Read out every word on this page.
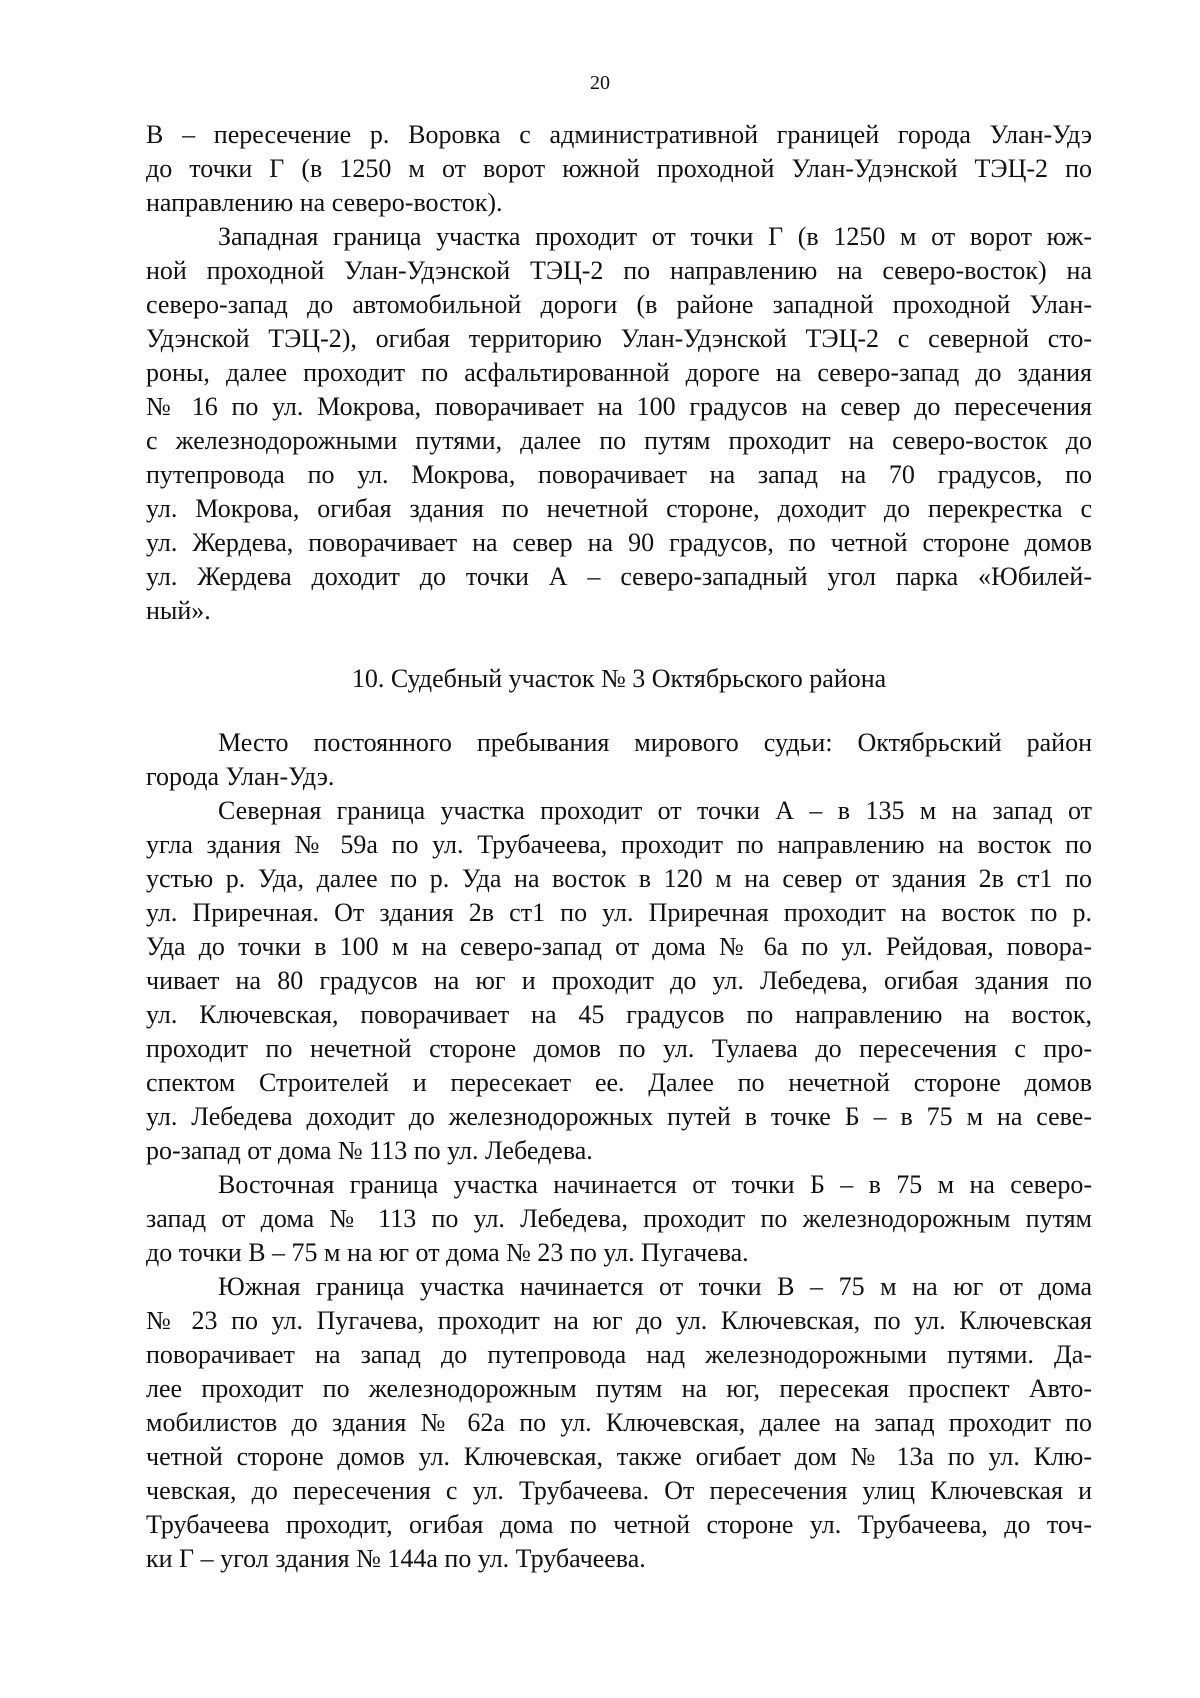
20

В – пересечение р. Воровка с административной границей города Улан-Удэ
до точки Г (в 1250 м от ворот южной проходной Улан-Удэнской ТЭЦ-2 по
направлению на северо-восток).

Западная граница участка проходит от точки Г (в 1250 м от ворот юж-
ной проходной Улан-Удэнской ТЭЦ-2 по направлению на северо-восток) на
северо-запад до автомобильной дороги (в районе западной проходной Улан-
Удэнской ТЭЦ-2), огибая территорию Улан-Удэнской ТЭЦ-2 с северной сто-
роны, далее проходит по асфальтированной дороге на северо-запад до здания
№ 16 по ул. Мокрова, поворачивает на 100 градусов на север до пересечения
с железнодорожными путями, далее по путям проходит на северо-восток до
путепровода по ул. Мокрова, поворачивает на запад на 70 градусов, по
ул. Мокрова, огибая здания по нечетной стороне, доходит до перекрестка с
ул. Жердева, поворачивает на север на 90 градусов, по четной стороне домов
ул. Жердева доходит до точки А – северо-западный угол парка «Юбилей-
ный».

10. Судебный участок № 3 Октябрьского района

Место постоянного пребывания мирового судьи: Октябрьский район
города Улан-Удэ.

Северная граница участка проходит от точки А – в 135 м на запад от
угла здания № 59а по ул. Трубачеева, проходит по направлению на восток по
устью р. Уда, далее по р. Уда на восток в 120 м на север от здания 2в ст1 по
ул. Приречная. От здания 2в ст1 по ул. Приречная проходит на восток по р.
Уда до точки в 100 м на северо-запад от дома № 6а по ул. Рейдовая, повора-
чивает на 80 градусов на юг и проходит до ул. Лебедева, огибая здания по
ул. Ключевская, поворачивает на 45 градусов по направлению на восток,
проходит по нечетной стороне домов по ул. Тулаева до пересечения с про-
спектом Строителей и пересекает ее. Далее по нечетной стороне домов
ул. Лебедева доходит до железнодорожных путей в точке Б – в 75 м на севе-
ро-запад от дома № 113 по ул. Лебедева.

Восточная граница участка начинается от точки Б – в 75 м на северо-
запад от дома № 113 по ул. Лебедева, проходит по железнодорожным путям
до точки В – 75 м на юг от дома № 23 по ул. Пугачева.

Южная граница участка начинается от точки В – 75 м на юг от дома
№ 23 по ул. Пугачева, проходит на юг до ул. Ключевская, по ул. Ключевская
поворачивает на запад до путепровода над железнодорожными путями. Да-
лее проходит по железнодорожным путям на юг, пересекая проспект Авто-
мобилистов до здания № 62а по ул. Ключевская, далее на запад проходит по
четной стороне домов ул. Ключевская, также огибает дом № 13а по ул. Клю-
чевская, до пересечения с ул. Трубачеева. От пересечения улиц Ключевская и
Трубачеева проходит, огибая дома по четной стороне ул. Трубачеева, до точ-
ки Г – угол здания № 144а по ул. Трубачеева.
